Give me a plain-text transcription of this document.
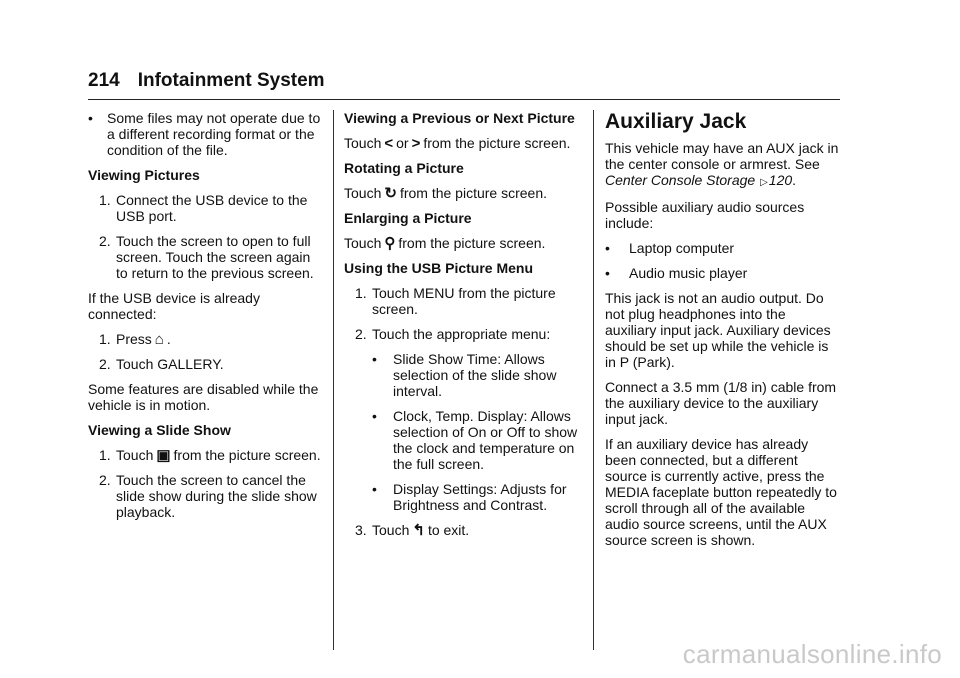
214 Infotainment System
• Some files may not operate due to a different recording format or the condition of the file.
Viewing Pictures
1. Connect the USB device to the USB port.
2. Touch the screen to open to full screen. Touch the screen again to return to the previous screen.
If the USB device is already connected:
1. Press ⌂ .
2. Touch GALLERY.
Some features are disabled while the vehicle is in motion.
Viewing a Slide Show
1. Touch ▣ from the picture screen.
2. Touch the screen to cancel the slide show during the slide show playback.
Viewing a Previous or Next Picture
Touch < or > from the picture screen.
Rotating a Picture
Touch ↻ from the picture screen.
Enlarging a Picture
Touch ⚲ from the picture screen.
Using the USB Picture Menu
1. Touch MENU from the picture screen.
2. Touch the appropriate menu:
• Slide Show Time: Allows selection of the slide show interval.
• Clock, Temp. Display: Allows selection of On or Off to show the clock and temperature on the full screen.
• Display Settings: Adjusts for Brightness and Contrast.
3. Touch ↰ to exit.
Auxiliary Jack
This vehicle may have an AUX jack in the center console or armrest. See Center Console Storage ▷120.
Possible auxiliary audio sources include:
• Laptop computer
• Audio music player
This jack is not an audio output. Do not plug headphones into the auxiliary input jack. Auxiliary devices should be set up while the vehicle is in P (Park).
Connect a 3.5 mm (1/8 in) cable from the auxiliary device to the auxiliary input jack.
If an auxiliary device has already been connected, but a different source is currently active, press the MEDIA faceplate button repeatedly to scroll through all of the available audio source screens, until the AUX source screen is shown.
carmanualsonline.info
